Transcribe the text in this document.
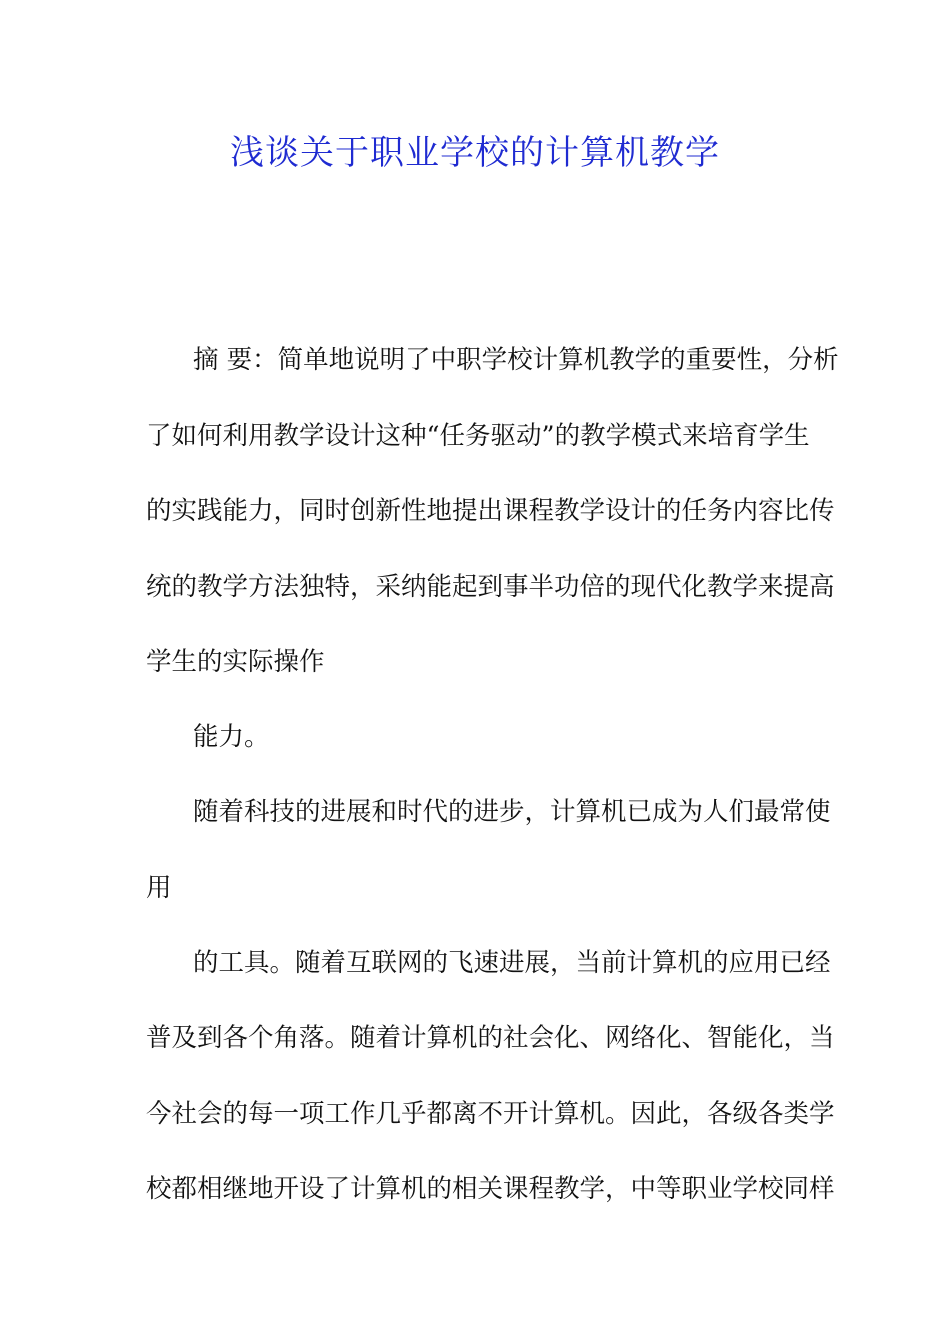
浅谈关于职业学校的计算机教学
摘 要：简单地说明了中职学校计算机教学的重要性，分析
了如何利用教学设计这种“任务驱动”的教学模式来培育学生
的实践能力，同时创新性地提出课程教学设计的任务内容比传
统的教学方法独特，采纳能起到事半功倍的现代化教学来提高
学生的实际操作
能力。
随着科技的进展和时代的进步，计算机已成为人们最常使
用
的工具。随着互联网的飞速进展，当前计算机的应用已经
普及到各个角落。随着计算机的社会化、网络化、智能化，当
今社会的每一项工作几乎都离不开计算机。因此，各级各类学
校都相继地开设了计算机的相关课程教学，中等职业学校同样
